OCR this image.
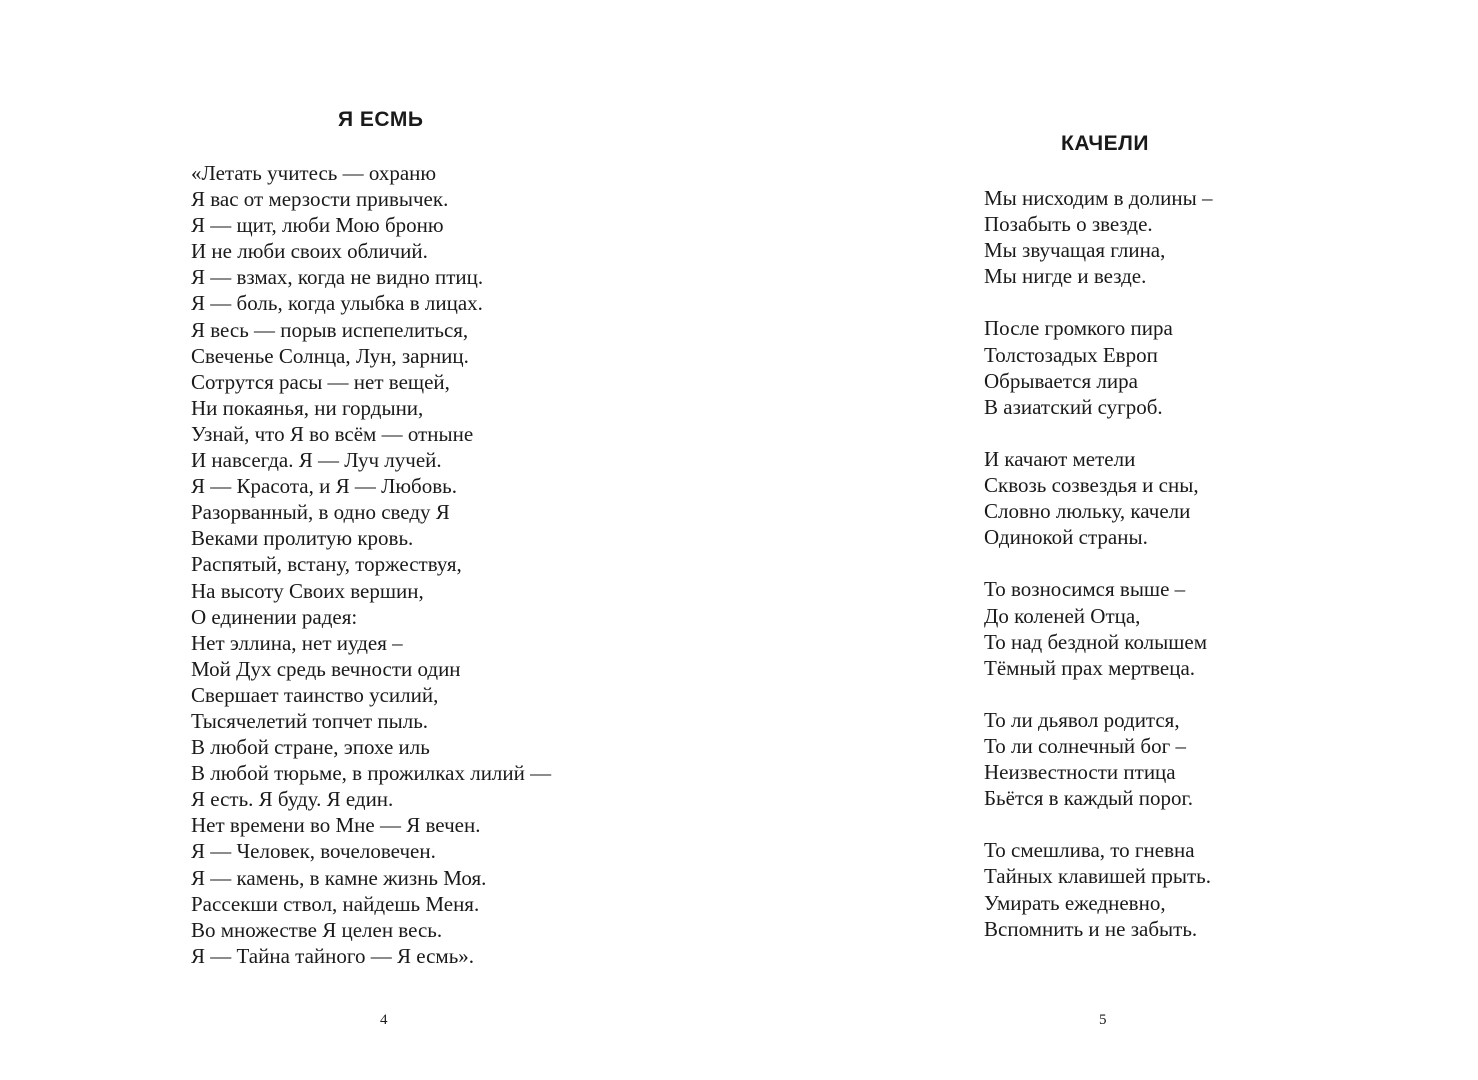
Я ЕСМЬ
«Летать учитесь — охраню
Я вас от мерзости привычек.
Я — щит, люби Мою броню
И не люби своих обличий.
Я — взмах, когда не видно птиц.
Я — боль, когда улыбка в лицах.
Я весь — порыв испепелиться,
Свеченье Солнца, Лун, зарниц.
Сотрутся расы — нет вещей,
Ни покаянья, ни гордыни,
Узнай, что Я во всём — отныне
И навсегда. Я — Луч лучей.
Я — Красота, и Я — Любовь.
Разорванный, в одно сведу Я
Веками пролитую кровь.
Распятый, встану, торжествуя,
На высоту Своих вершин,
О единении радея:
Нет эллина, нет иудея –
Мой Дух средь вечности один
Свершает таинство усилий,
Тысячелетий топчет пыль.
В любой стране, эпохе иль
В любой тюрьме, в прожилках лилий —
Я есть. Я буду. Я един.
Нет времени во Мне — Я вечен.
Я — Человек, вочеловечен.
Я — камень, в камне жизнь Моя.
Рассекши ствол, найдешь Меня.
Во множестве Я целен весь.
Я — Тайна тайного — Я есмь».
4
КАЧЕЛИ
Мы нисходим в долины –
Позабыть о звезде.
Мы звучащая глина,
Мы нигде и везде.
После громкого пира
Толстозадых Европ
Обрывается лира
В азиатский сугроб.
И качают метели
Сквозь созвездья и сны,
Словно люльку, качели
Одинокой страны.
То возносимся выше –
До коленей Отца,
То над бездной колышем
Тёмный прах мертвеца.
То ли дьявол родится,
То ли солнечный бог –
Неизвестности птица
Бьётся в каждый порог.
То смешлива, то гневна
Тайных клавишей прыть.
Умирать ежедневно,
Вспомнить и не забыть.
5
